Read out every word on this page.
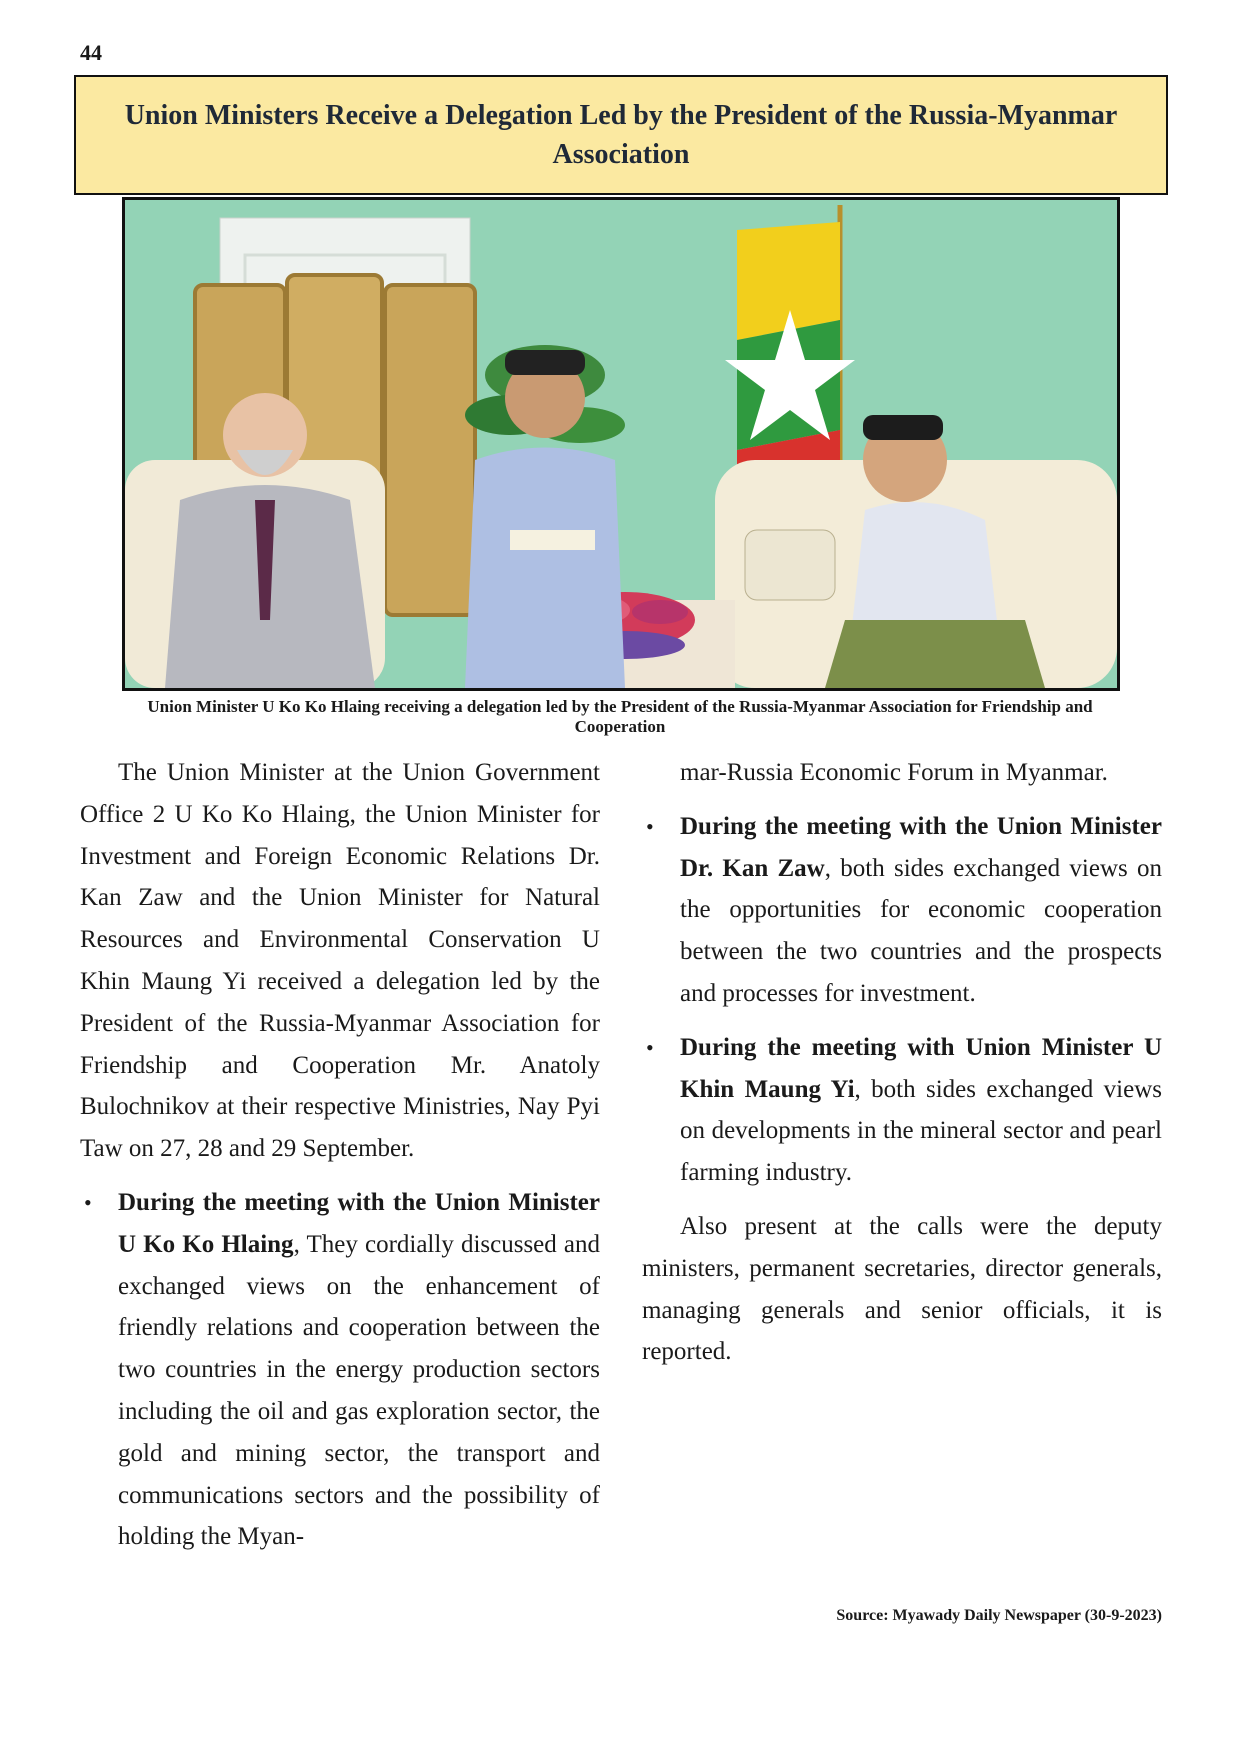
44
Union Ministers Receive a Delegation Led by the President of the Russia-Myanmar Association
Union Minister U Ko Ko Hlaing receiving a delegation led by the President of the Russia-Myanmar Association for Friendship and Cooperation

The Union Minister at the Union Government Office 2 U Ko Ko Hlaing, the Union Minister for Investment and Foreign Economic Relations Dr. Kan Zaw and the Union Minister for Natural Resources and Environmental Conservation U Khin Maung Yi received a delegation led by the President of the Russia-Myanmar Association for Friendship and Cooperation Mr. Anatoly Bulochnikov at their respective Ministries, Nay Pyi Taw on 27, 28 and 29 September.

• During the meeting with the Union Minister U Ko Ko Hlaing, They cordially discussed and exchanged views on the enhancement of friendly relations and cooperation between the two countries in the energy production sectors including the oil and gas exploration sector, the gold and mining sector, the transport and communications sectors and the possibility of holding the Myan-

mar-Russia Economic Forum in Myanmar.

• During the meeting with the Union Minister Dr. Kan Zaw, both sides exchanged views on the opportunities for economic cooperation between the two countries and the prospects and processes for investment.
• During the meeting with Union Minister U Khin Maung Yi, both sides exchanged views on developments in the mineral sector and pearl farming industry.

Also present at the calls were the deputy ministers, permanent secretaries, director generals, managing generals and senior officials, it is reported.

Source: Myawady Daily Newspaper (30-9-2023)
